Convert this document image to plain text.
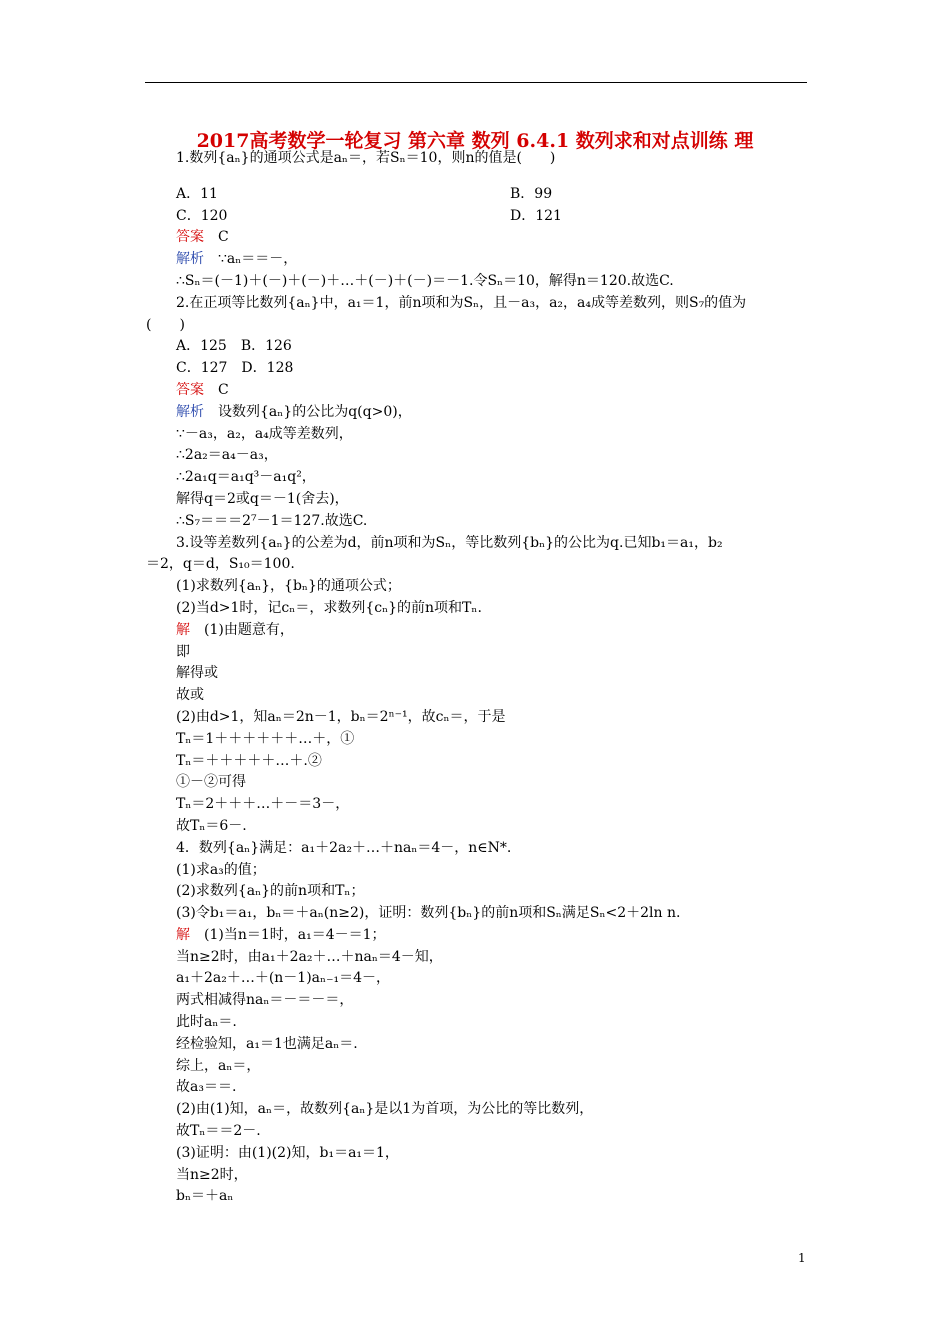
2017高考数学一轮复习 第六章 数列 6.4.1 数列求和对点训练 理
1.数列{aₙ}的通项公式是aₙ＝，若Sₙ＝10，则n的值是(　　)
A．11	B．99
C．120	D．121
答案 C
解析 ∵aₙ＝＝－，
∴Sₙ＝(－1)＋(－)＋(－)＋…＋(－)＋(－)＝－1.令Sₙ＝10，解得n＝120.故选C.
2.在正项等比数列{aₙ}中，a₁＝1，前n项和为Sₙ，且－a₃，a₂，a₄成等差数列，则S₇的值为
(　　)
A．125　B．126
C．127　D．128
答案 C
解析 设数列{aₙ}的公比为q(q>0)，
∵－a₃，a₂，a₄成等差数列，
∴2a₂＝a₄－a₃，
∴2a₁q＝a₁q³－a₁q²，
解得q＝2或q＝－1(舍去)，
∴S₇＝＝＝2⁷－1＝127.故选C.
3.设等差数列{aₙ}的公差为d，前n项和为Sₙ，等比数列{bₙ}的公比为q.已知b₁＝a₁，b₂
＝2，q＝d，S₁₀＝100.
(1)求数列{aₙ}，{bₙ}的通项公式；
(2)当d>1时，记cₙ＝，求数列{cₙ}的前n项和Tₙ.
解 (1)由题意有，
即
解得或
故或
(2)由d>1，知aₙ＝2n－1，bₙ＝2ⁿ⁻¹，故cₙ＝，于是
Tₙ＝1＋＋＋＋＋＋…＋，①
Tₙ＝＋＋＋＋＋…＋.②
①－②可得
Tₙ＝2＋＋＋…＋－＝3－，
故Tₙ＝6－.
4．数列{aₙ}满足：a₁＋2a₂＋…＋naₙ＝4－，n∈N*.
(1)求a₃的值；
(2)求数列{aₙ}的前n项和Tₙ；
(3)令b₁＝a₁，bₙ＝＋aₙ(n≥2)，证明：数列{bₙ}的前n项和Sₙ满足Sₙ<2＋2ln n.
解 (1)当n＝1时，a₁＝4－＝1；
当n≥2时，由a₁＋2a₂＋…＋naₙ＝4－知，
a₁＋2a₂＋…＋(n－1)aₙ₋₁＝4－，
两式相减得naₙ＝－＝－＝，
此时aₙ＝.
经检验知，a₁＝1也满足aₙ＝.
综上，aₙ＝，
故a₃＝＝.
(2)由(1)知，aₙ＝，故数列{aₙ}是以1为首项，为公比的等比数列，
故Tₙ＝＝2－.
(3)证明：由(1)(2)知，b₁＝a₁＝1，
当n≥2时，
bₙ＝＋aₙ
1
